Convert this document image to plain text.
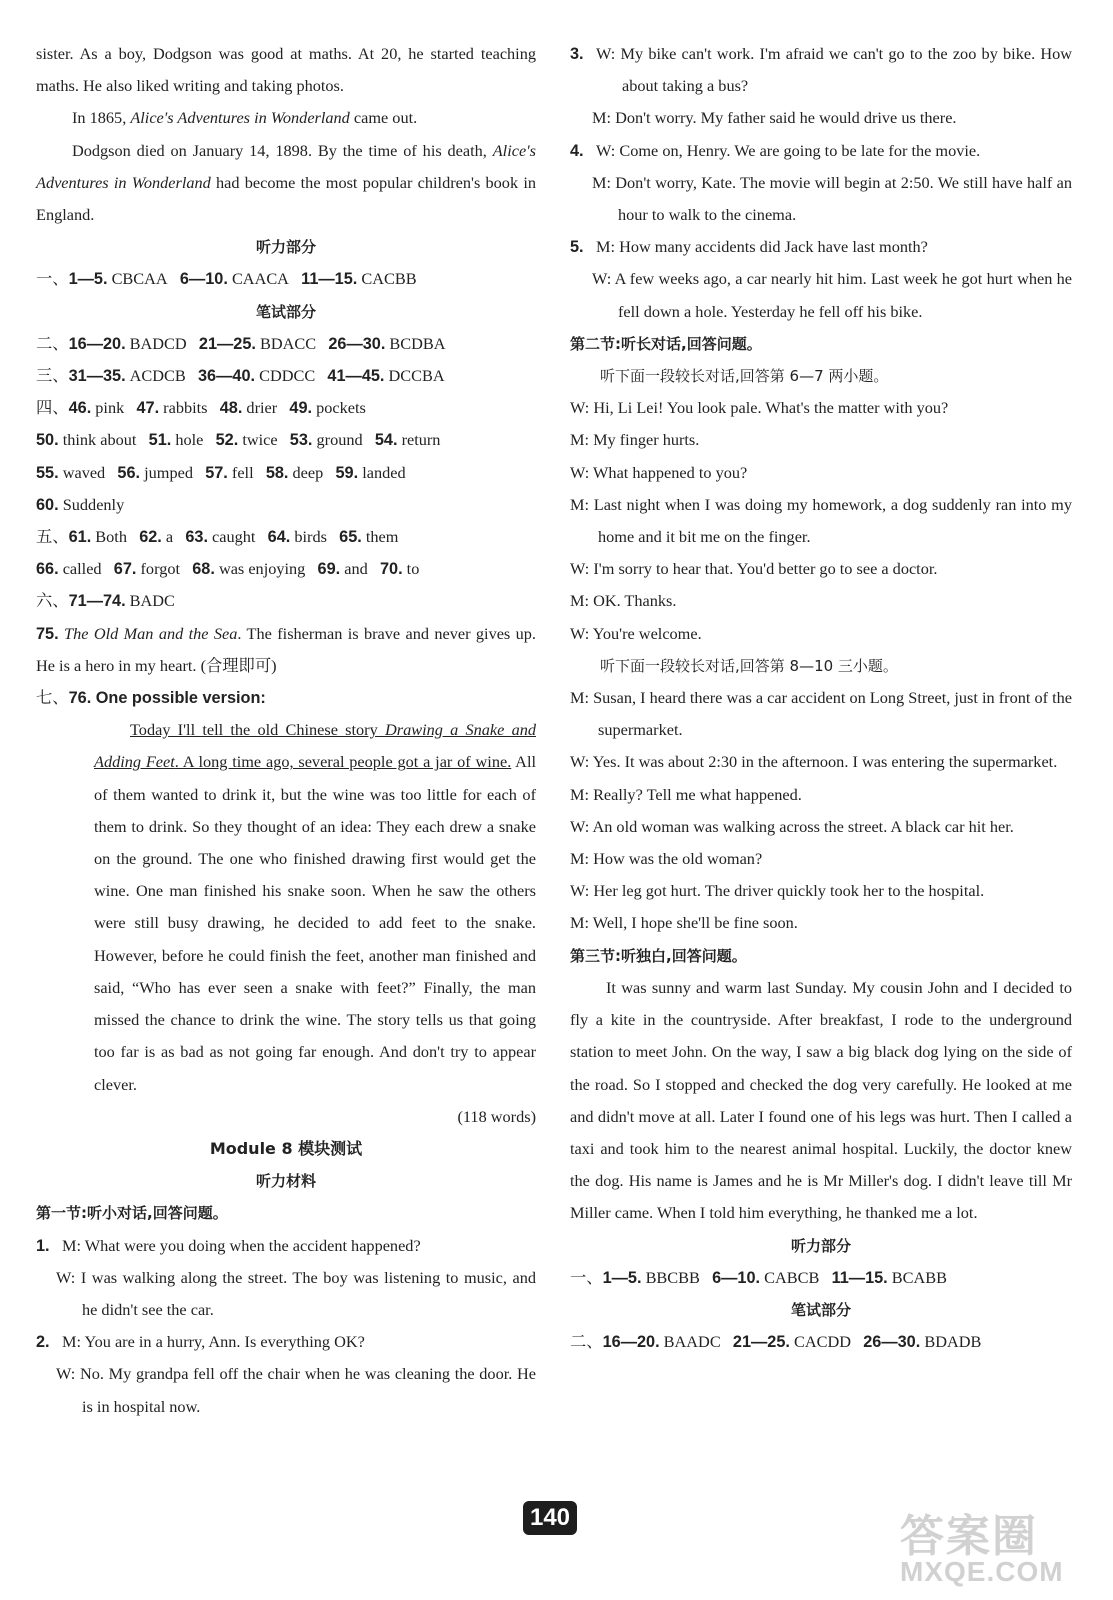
sister. As a boy, Dodgson was good at maths. At 20, he started teaching maths. He also liked writing and taking photos.

In 1865, Alice's Adventures in Wonderland came out.

Dodgson died on January 14, 1898. By the time of his death, Alice's Adventures in Wonderland had become the most popular children's book in England.

听力部分

一、1—5. CBCAA 6—10. CAACA 11—15. CACBB

笔试部分

二、16—20. BADCD 21—25. BDACC 26—30. BCDBA

三、31—35. ACDCB 36—40. CDDCC 41—45. DCCBA

四、46. pink 47. rabbits 48. drier 49. pockets

50. think about 51. hole 52. twice 53. ground 54. return

55. waved 56. jumped 57. fell 58. deep 59. landed

60. Suddenly

五、61. Both 62. a 63. caught 64. birds 65. them

66. called 67. forgot 68. was enjoying 69. and 70. to

六、71—74. BADC

75. The Old Man and the Sea. The fisherman is brave and never gives up. He is a hero in my heart. (合理即可)

七、76. One possible version:

Today I'll tell the old Chinese story Drawing a Snake and Adding Feet. A long time ago, several people got a jar of wine. All of them wanted to drink it, but the wine was too little for each of them to drink. So they thought of an idea: They each drew a snake on the ground. The one who finished drawing first would get the wine. One man finished his snake soon. When he saw the others were still busy drawing, he decided to add feet to the snake. However, before he could finish the feet, another man finished and said, “Who has ever seen a snake with feet?” Finally, the man missed the chance to drink the wine. The story tells us that going too far is as bad as not going far enough. And don't try to appear clever.

(118 words)

Module 8 模块测试

听力材料

第一节:听小对话,回答问题。

1. M: What were you doing when the accident happened?
W: I was walking along the street. The boy was listening to music, and he didn't see the car.
2. M: You are in a hurry, Ann. Is everything OK?
W: No. My grandpa fell off the chair when he was cleaning the door. He is in hospital now.
3. W: My bike can't work. I'm afraid we can't go to the zoo by bike. How about taking a bus?
M: Don't worry. My father said he would drive us there.
4. W: Come on, Henry. We are going to be late for the movie.
M: Don't worry, Kate. The movie will begin at 2:50. We still have half an hour to walk to the cinema.
5. M: How many accidents did Jack have last month?
W: A few weeks ago, a car nearly hit him. Last week he got hurt when he fell down a hole. Yesterday he fell off his bike.

第二节:听长对话,回答问题。

听下面一段较长对话,回答第 6—7 两小题。

W: Hi, Li Lei! You look pale. What's the matter with you?

M: My finger hurts.

W: What happened to you?

M: Last night when I was doing my homework, a dog suddenly ran into my home and it bit me on the finger.

W: I'm sorry to hear that. You'd better go to see a doctor.

M: OK. Thanks.

W: You're welcome.

听下面一段较长对话,回答第 8—10 三小题。

M: Susan, I heard there was a car accident on Long Street, just in front of the supermarket.

W: Yes. It was about 2:30 in the afternoon. I was entering the supermarket.

M: Really? Tell me what happened.

W: An old woman was walking across the street. A black car hit her.

M: How was the old woman?

W: Her leg got hurt. The driver quickly took her to the hospital.

M: Well, I hope she'll be fine soon.

第三节:听独白,回答问题。

It was sunny and warm last Sunday. My cousin John and I decided to fly a kite in the countryside. After breakfast, I rode to the underground station to meet John. On the way, I saw a big black dog lying on the side of the road. So I stopped and checked the dog very carefully. He looked at me and didn't move at all. Later I found one of his legs was hurt. Then I called a taxi and took him to the nearest animal hospital. Luckily, the doctor knew the dog. His name is James and he is Mr Miller's dog. I didn't leave till Mr Miller came. When I told him everything, he thanked me a lot.

听力部分

一、1—5. BBCBB 6—10. CABCB 11—15. BCABB

笔试部分

二、16—20. BAADC 21—25. CACDD 26—30. BDADB

140	答案圈
MXQE.COM
